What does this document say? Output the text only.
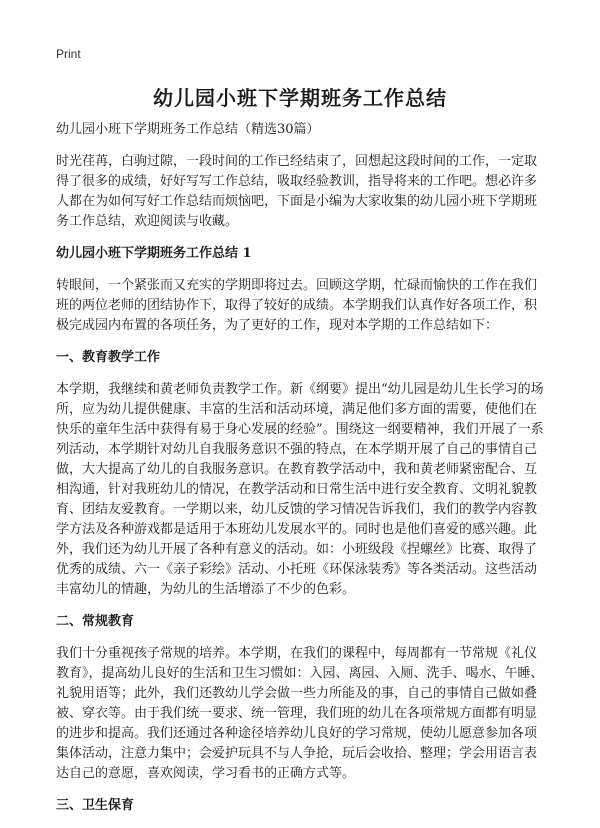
Print
幼儿园小班下学期班务工作总结

幼儿园小班下学期班务工作总结（精选30篇）

时光荏苒，白驹过隙，一段时间的工作已经结束了，回想起这段时间的工作，一定取得了很多的成绩，好好写写工作总结，吸取经验教训，指导将来的工作吧。想必许多人都在为如何写好工作总结而烦恼吧，下面是小编为大家收集的幼儿园小班下学期班务工作总结，欢迎阅读与收藏。

幼儿园小班下学期班务工作总结 1

转眼间，一个紧张而又充实的学期即将过去。回顾这学期，忙碌而愉快的工作在我们班的两位老师的团结协作下，取得了较好的成绩。本学期我们认真作好各项工作，积极完成园内布置的各项任务，为了更好的工作，现对本学期的工作总结如下：

一、教育教学工作

本学期，我继续和黄老师负责教学工作。新《纲要》提出“幼儿园是幼儿生长学习的场所，应为幼儿提供健康、丰富的生活和活动环境，满足他们多方面的需要，使他们在快乐的童年生活中获得有易于身心发展的经验”。围绕这一纲要精神，我们开展了一系列活动，本学期针对幼儿自我服务意识不强的特点，在本学期开展了自己的事情自己做，大大提高了幼儿的自我服务意识。在教育教学活动中，我和黄老师紧密配合、互相沟通，针对我班幼儿的情况，在教学活动和日常生活中进行安全教育、文明礼貌教育、团结友爱教育。一学期以来，幼儿反馈的学习情况告诉我们，我们的教学内容教学方法及各种游戏都是适用于本班幼儿发展水平的。同时也是他们喜爱的感兴趣。此外，我们还为幼儿开展了各种有意义的活动。如：小班级段《捏螺丝》比赛、取得了优秀的成绩、六一《亲子彩绘》活动、小托班《环保泳装秀》等各类活动。这些活动丰富幼儿的情趣，为幼儿的生活增添了不少的色彩。

二、常规教育

我们十分重视孩子常规的培养。本学期，在我们的课程中，每周都有一节常规《礼仪教育》，提高幼儿良好的生活和卫生习惯如：入园、离园、入厕、洗手、喝水、午睡、礼貌用语等；此外，我们还教幼儿学会做一些力所能及的事，自己的事情自己做如叠被、穿衣等。由于我们统一要求、统一管理，我们班的幼儿在各项常规方面都有明显的进步和提高。我们还通过各种途径培养幼儿良好的学习常规，使幼儿愿意参加各项集体活动，注意力集中；会爱护玩具不与人争抢，玩后会收拾、整理；学会用语言表达自己的意愿，喜欢阅读，学习看书的正确方式等。

三、卫生保育
